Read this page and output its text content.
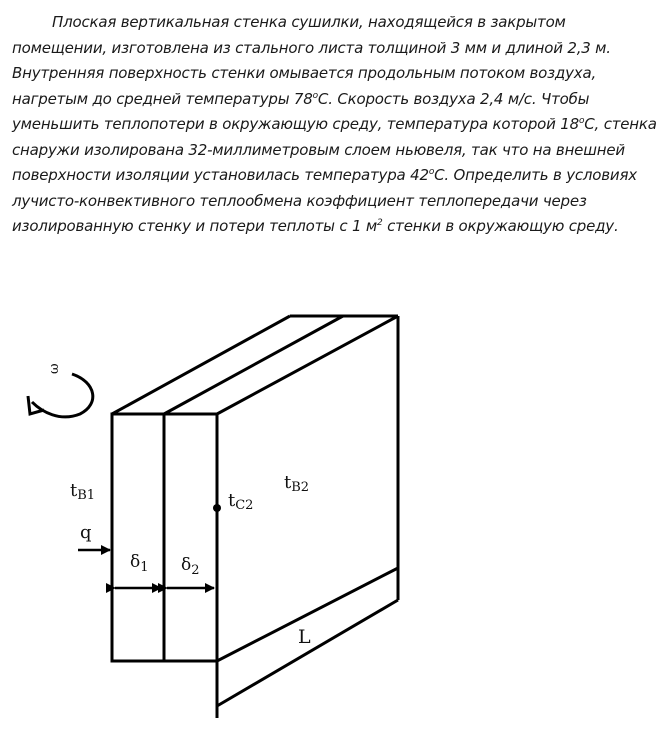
Плоская вертикальная стенка сушилки, находящейся в закрытом помещении, изготовлена из стального листа толщиной 3 мм и длиной 2,3 м. Внутренняя поверхность стенки омывается продольным потоком воздуха, нагретым до средней температуры 78$^o$C. Скорость воздуха 2,4 м/с. Чтобы уменьшить теплопотери в окружающую среду, температура которой 18$^o$C, стенка снаружи изолирована 32-миллиметровым слоем ньювеля, так что на внешней поверхности изоляции установилась температура 42$^o$C. Определить в условиях лучисто-конвективного теплообмена коэффициент теплопередачи через изолированную стенку и потери теплоты с 1 $м^2$ стенки в окружающую среду.
ω
tB1	tC2
tB2
q
$\delta_1$ $\delta_2$
L
